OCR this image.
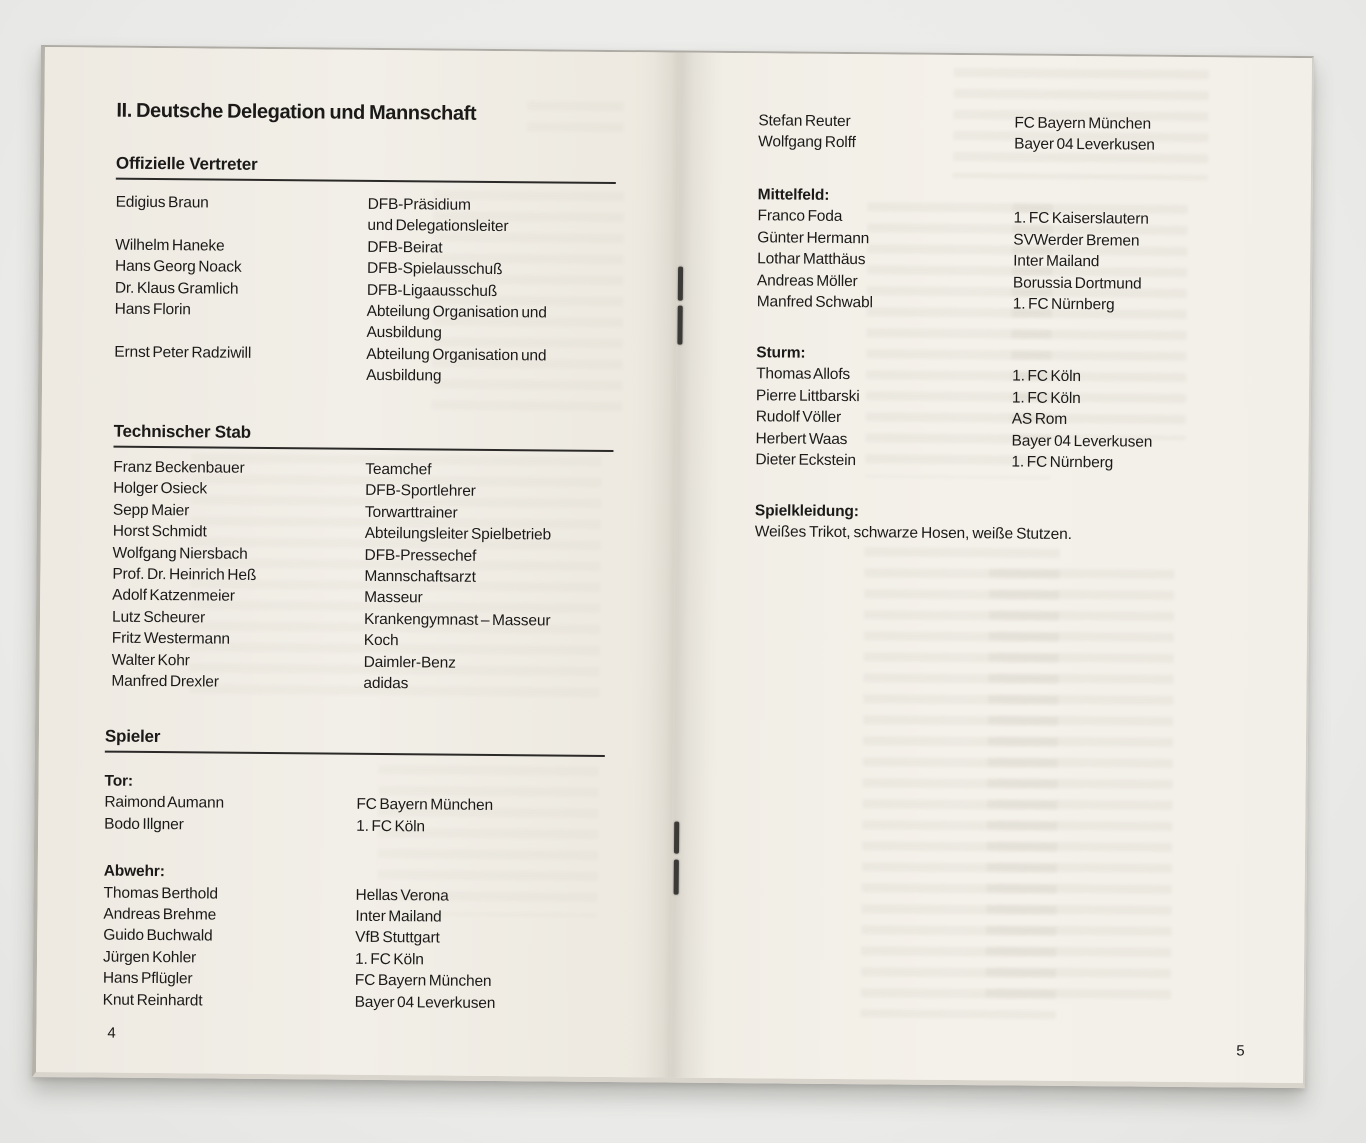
II. Deutsche Delegation und Mannschaft
Offizielle Vertreter
Edigius Braun	DFB-Präsidium
und Delegationsleiter
Wilhelm Haneke	DFB-Beirat
Hans Georg Noack	DFB-Spielausschuß
Dr. Klaus Gramlich	DFB-Ligaausschuß
Hans Florin	Abteilung Organisation und
Ausbildung
Ernst Peter Radziwill	Abteilung Organisation und
Ausbildung
Technischer Stab
Franz Beckenbauer	Teamchef
Holger Osieck	DFB-Sportlehrer
Sepp Maier	Torwarttrainer
Horst Schmidt	Abteilungsleiter Spielbetrieb
Wolfgang Niersbach	DFB-Pressechef
Prof. Dr. Heinrich Heß	Mannschaftsarzt
Adolf Katzenmeier	Masseur
Lutz Scheurer	Krankengymnast – Masseur
Fritz Westermann	Koch
Walter Kohr	Daimler-Benz
Manfred Drexler	adidas
Spieler
Tor:
Raimond Aumann	FC Bayern München
Bodo Illgner	1. FC Köln
Abwehr:
Thomas Berthold	Hellas Verona
Andreas Brehme	Inter Mailand
Guido Buchwald	VfB Stuttgart
Jürgen Kohler	1. FC Köln
Hans Pflügler	FC Bayern München
Knut Reinhardt	Bayer 04 Leverkusen
4
Stefan Reuter	FC Bayern München
Wolfgang Rolff	Bayer 04 Leverkusen
Mittelfeld:
Franco Foda	1. FC Kaiserslautern
Günter Hermann	SVWerder Bremen
Lothar Matthäus	Inter Mailand
Andreas Möller	Borussia Dortmund
Manfred Schwabl	1. FC Nürnberg
Sturm:
Thomas Allofs	1. FC Köln
Pierre Littbarski	1. FC Köln
Rudolf Völler	AS Rom
Herbert Waas	Bayer 04 Leverkusen
Dieter Eckstein	1. FC Nürnberg
Spielkleidung:
Weißes Trikot, schwarze Hosen, weiße Stutzen.
5
